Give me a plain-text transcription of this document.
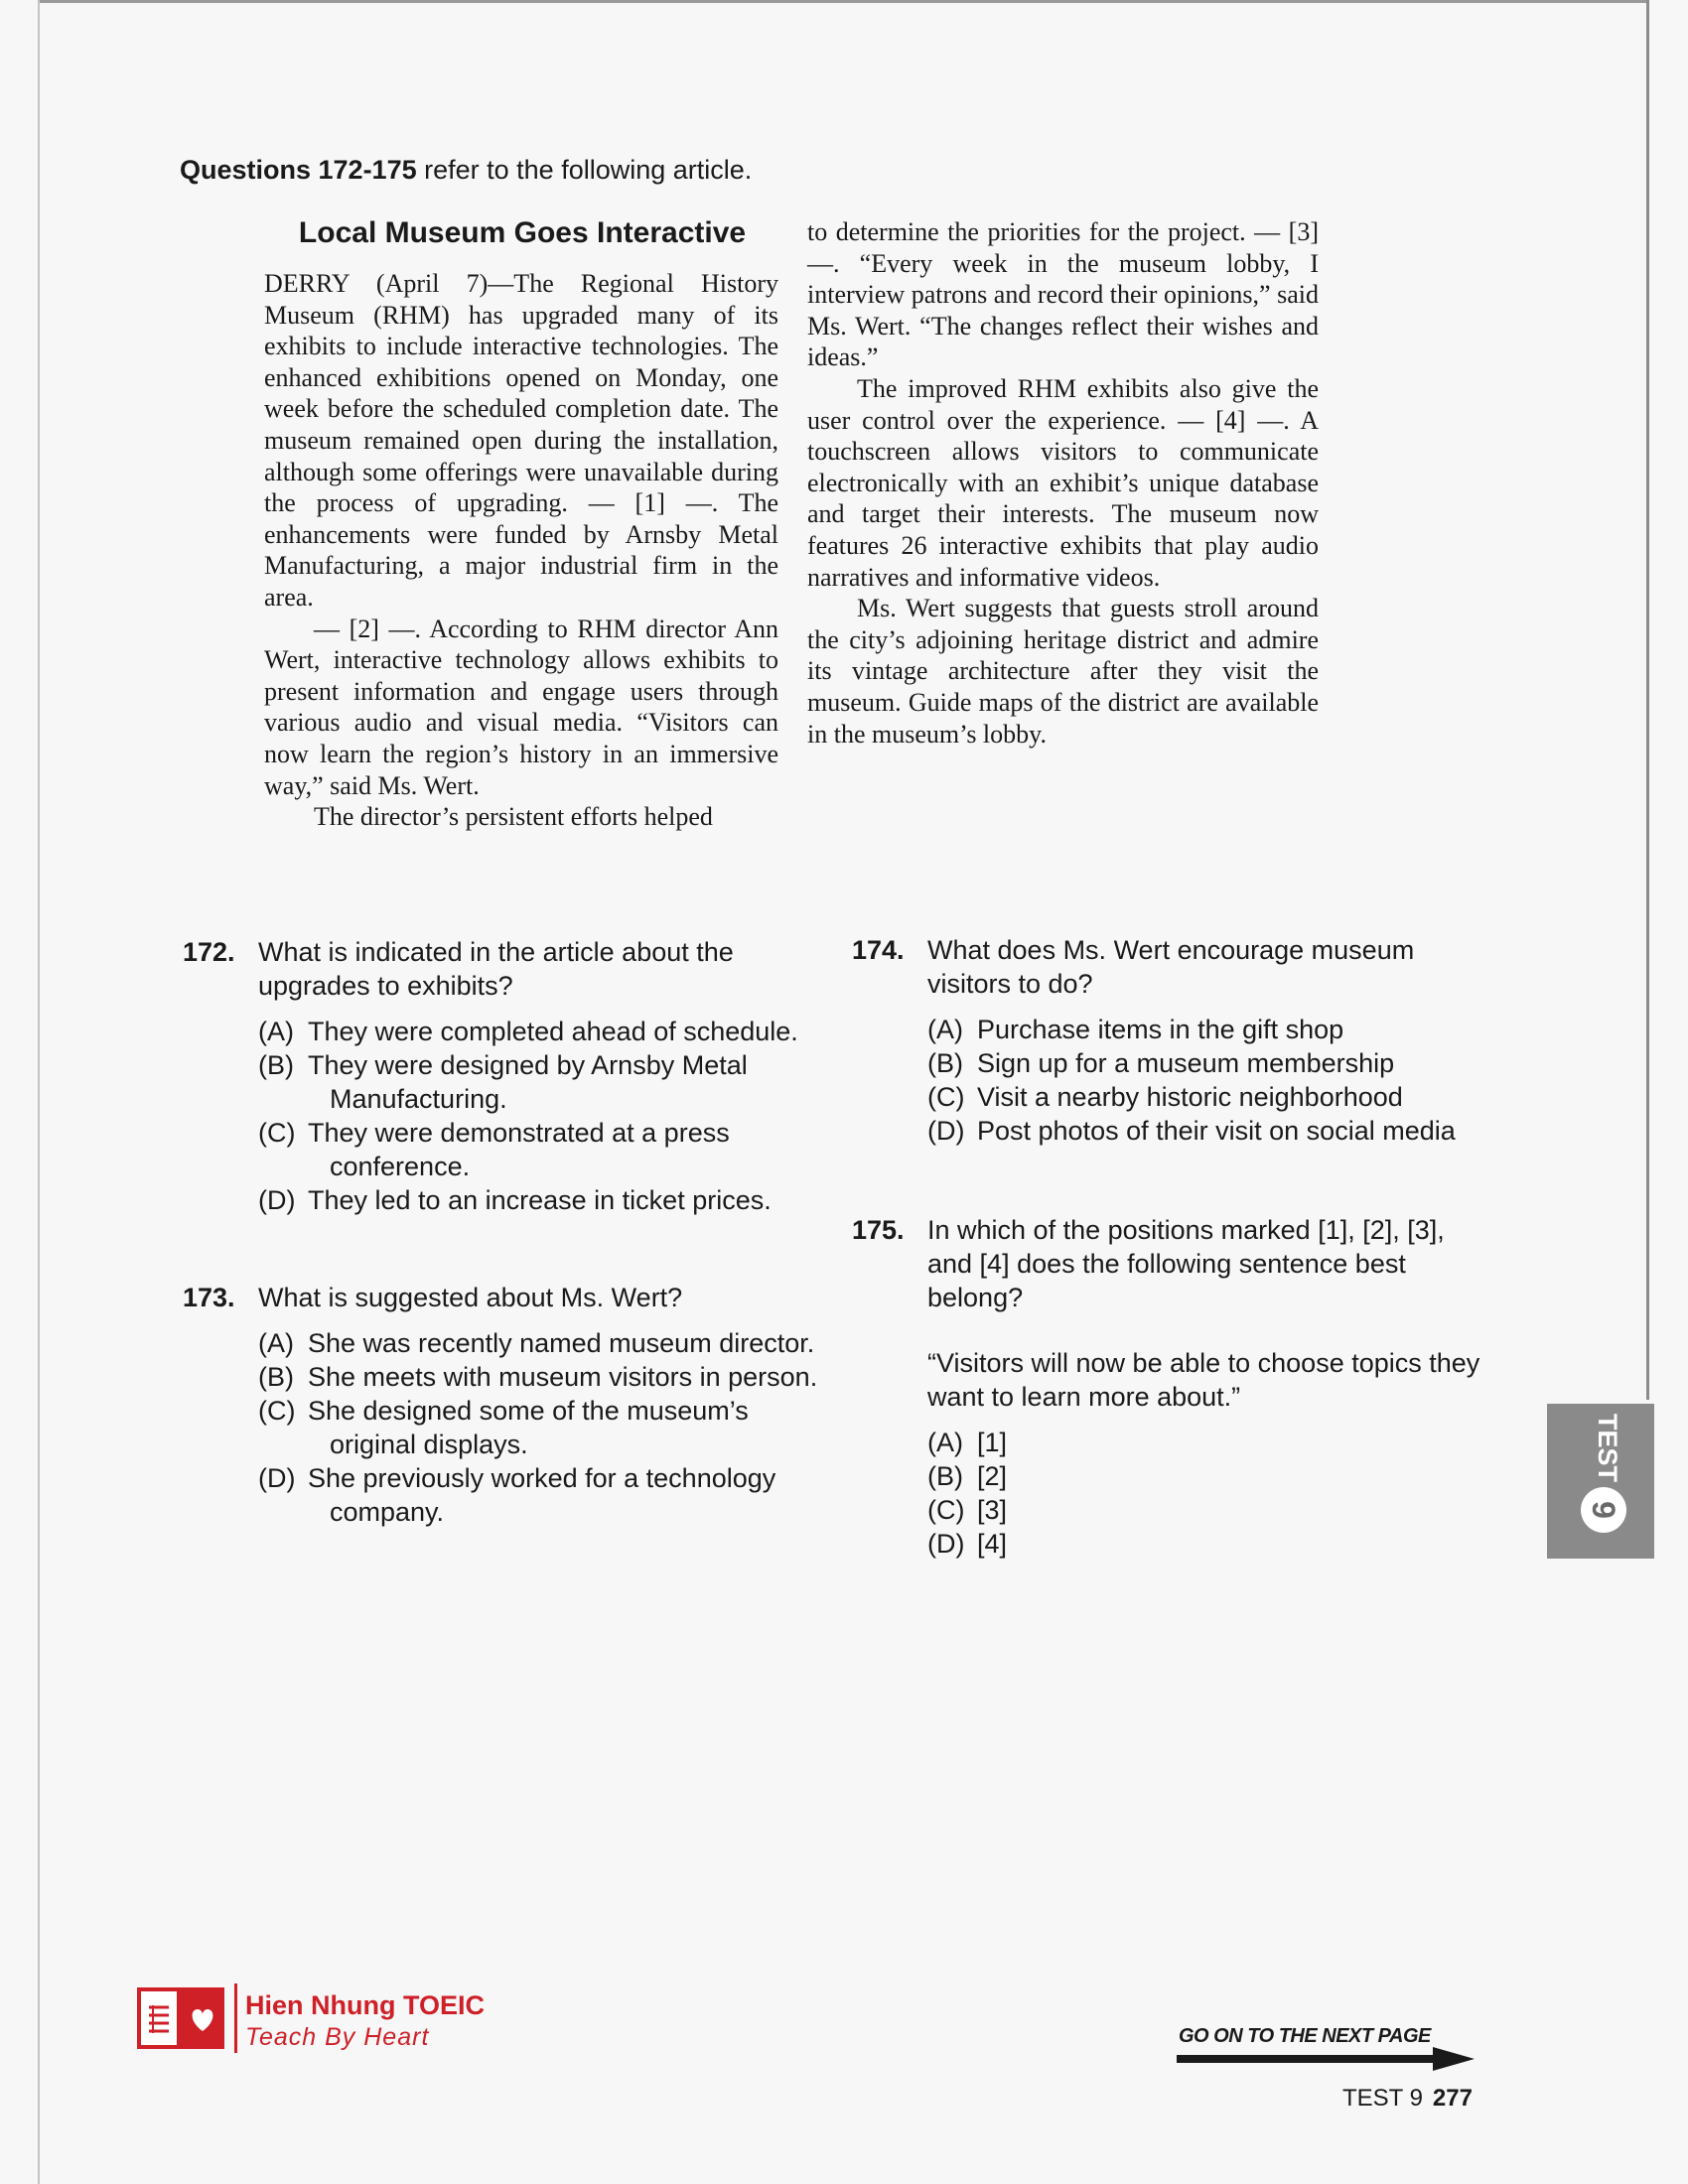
Questions 172-175 refer to the following article.
Local Museum Goes Interactive

DERRY (April 7)—The Regional History Museum (RHM) has upgraded many of its exhibits to include interactive technologies. The enhanced exhibitions opened on Monday, one week before the scheduled completion date. The museum remained open during the installation, although some offerings were unavailable during the process of upgrading. — [1] —. The enhancements were funded by Arnsby Metal Manufacturing, a major industrial firm in the area.

— [2] —. According to RHM director Ann Wert, interactive technology allows exhibits to present information and engage users through various audio and visual media. “Visitors can now learn the region’s history in an immersive way,” said Ms. Wert.

The director’s persistent efforts helped

to determine the priorities for the project. — [3] —. “Every week in the museum lobby, I interview patrons and record their opinions,” said Ms. Wert. “The changes reflect their wishes and ideas.”

The improved RHM exhibits also give the user control over the experience. — [4] —. A touchscreen allows visitors to communicate electronically with an exhibit’s unique database and target their interests. The museum now features 26 interactive exhibits that play audio narratives and informative videos.

Ms. Wert suggests that guests stroll around the city’s adjoining heritage district and admire its vintage architecture after they visit the museum. Guide maps of the district are available in the museum’s lobby.

172. What is indicated in the article about the upgrades to exhibits?
(A) They were completed ahead of schedule.
(B) They were designed by Arnsby Metal Manufacturing.
(C) They were demonstrated at a press conference.
(D) They led to an increase in ticket prices.
173. What is suggested about Ms. Wert?
(A) She was recently named museum director.
(B) She meets with museum visitors in person.
(C) She designed some of the museum’s original displays.
(D) She previously worked for a technology company.
174. What does Ms. Wert encourage museum visitors to do?
(A) Purchase items in the gift shop
(B) Sign up for a museum membership
(C) Visit a nearby historic neighborhood
(D) Post photos of their visit on social media
175. In which of the positions marked [1], [2], [3], and [4] does the following sentence best belong?
“Visitors will now be able to choose topics they want to learn more about.”
(A) [1]
(B) [2]
(C) [3]
(D) [4]
TEST
9
Hien Nhung TOEIC
Teach By Heart	GO ON TO THE NEXT PAGE
TEST 9 277
